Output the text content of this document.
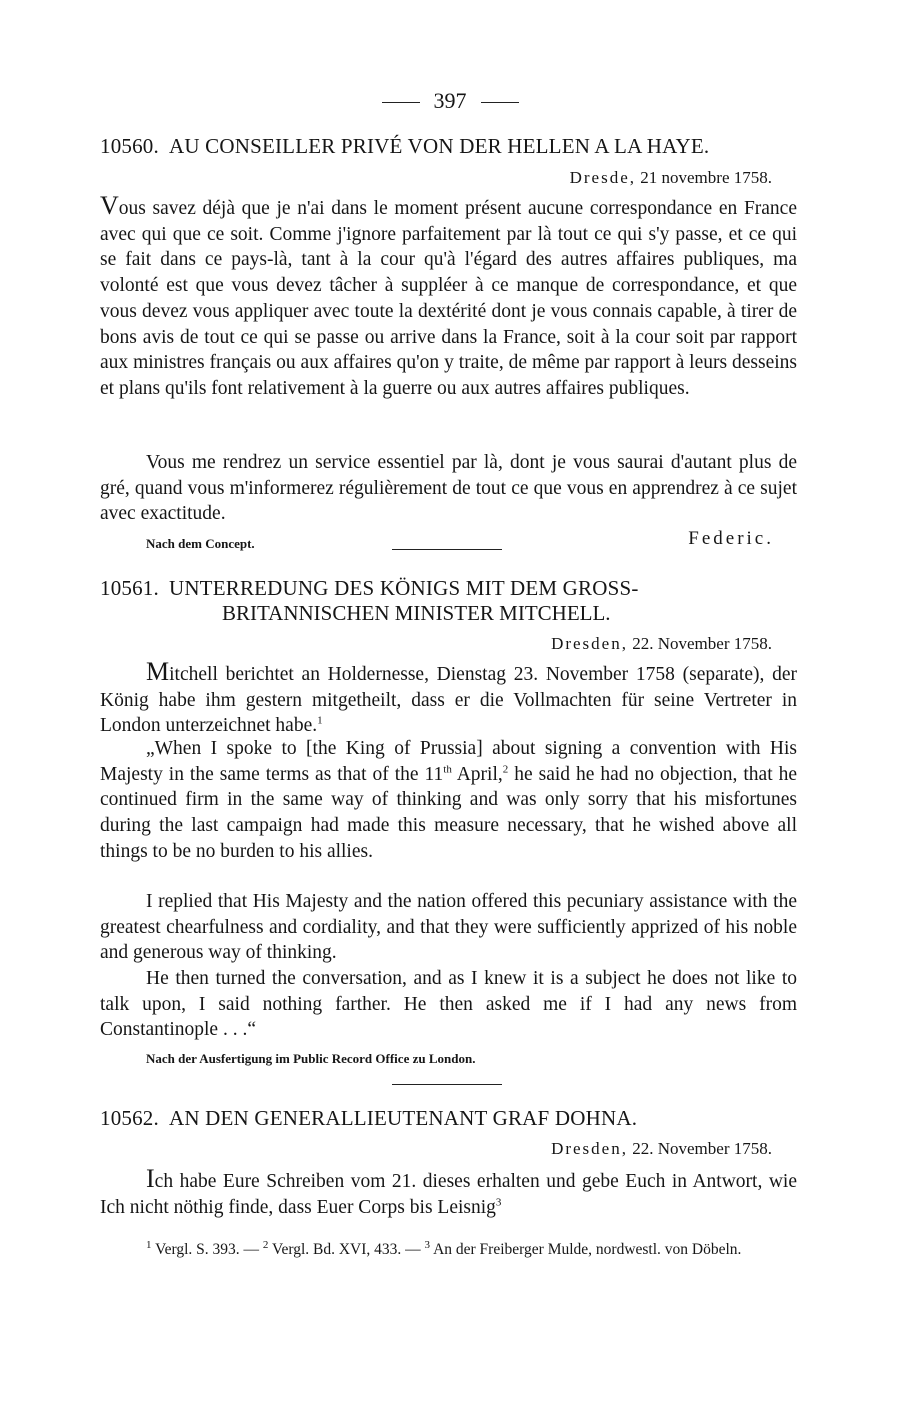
397
10560. AU CONSEILLER PRIVÉ VON DER HELLEN A LA HAYE.
Dresde, 21 novembre 1758.

Vous savez déjà que je n'ai dans le moment présent aucune correspondance en France avec qui que ce soit. Comme j'ignore parfaitement par là tout ce qui s'y passe, et ce qui se fait dans ce pays-là, tant à la cour qu'à l'égard des autres affaires publiques, ma volonté est que vous devez tâcher à suppléer à ce manque de correspondance, et que vous devez vous appliquer avec toute la dextérité dont je vous connais capable, à tirer de bons avis de tout ce qui se passe ou arrive dans la France, soit à la cour soit par rapport aux ministres français ou aux affaires qu'on y traite, de même par rapport à leurs desseins et plans qu'ils font relativement à la guerre ou aux autres affaires publiques.

Vous me rendrez un service essentiel par là, dont je vous saurai d'autant plus de gré, quand vous m'informerez régulièrement de tout ce que vous en apprendrez à ce sujet avec exactitude.

Nach dem Concept.	Federic.
10561. UNTERREDUNG DES KÖNIGS MIT DEM GROSS-
BRITANNISCHEN MINISTER MITCHELL.
Dresden, 22. November 1758.

Mitchell berichtet an Holdernesse, Dienstag 23. November 1758 (separate), der König habe ihm gestern mitgetheilt, dass er die Vollmachten für seine Vertreter in London unterzeichnet habe.$^1$

„When I spoke to [the King of Prussia] about signing a convention with His Majesty in the same terms as that of the 11th April,$^2$ he said he had no objection, that he continued firm in the same way of thinking and was only sorry that his misfortunes during the last campaign had made this measure necessary, that he wished above all things to be no burden to his allies.

I replied that His Majesty and the nation offered this pecuniary assistance with the greatest chearfulness and cordiality, and that they were sufficiently apprized of his noble and generous way of thinking.

He then turned the conversation, and as I knew it is a subject he does not like to talk upon, I said nothing farther. He then asked me if I had any news from Constantinople . . .“

Nach der Ausfertigung im Public Record Office zu London.
10562. AN DEN GENERALLIEUTENANT GRAF DOHNA.
Dresden, 22. November 1758.

Ich habe Eure Schreiben vom 21. dieses erhalten und gebe Euch in Antwort, wie Ich nicht nöthig finde, dass Euer Corps bis Leisnig$^3$

$^1$ Vergl. S. 393. — $^2$ Vergl. Bd. XVI, 433. — $^3$ An der Freiberger Mulde, nordwestl. von Döbeln.
